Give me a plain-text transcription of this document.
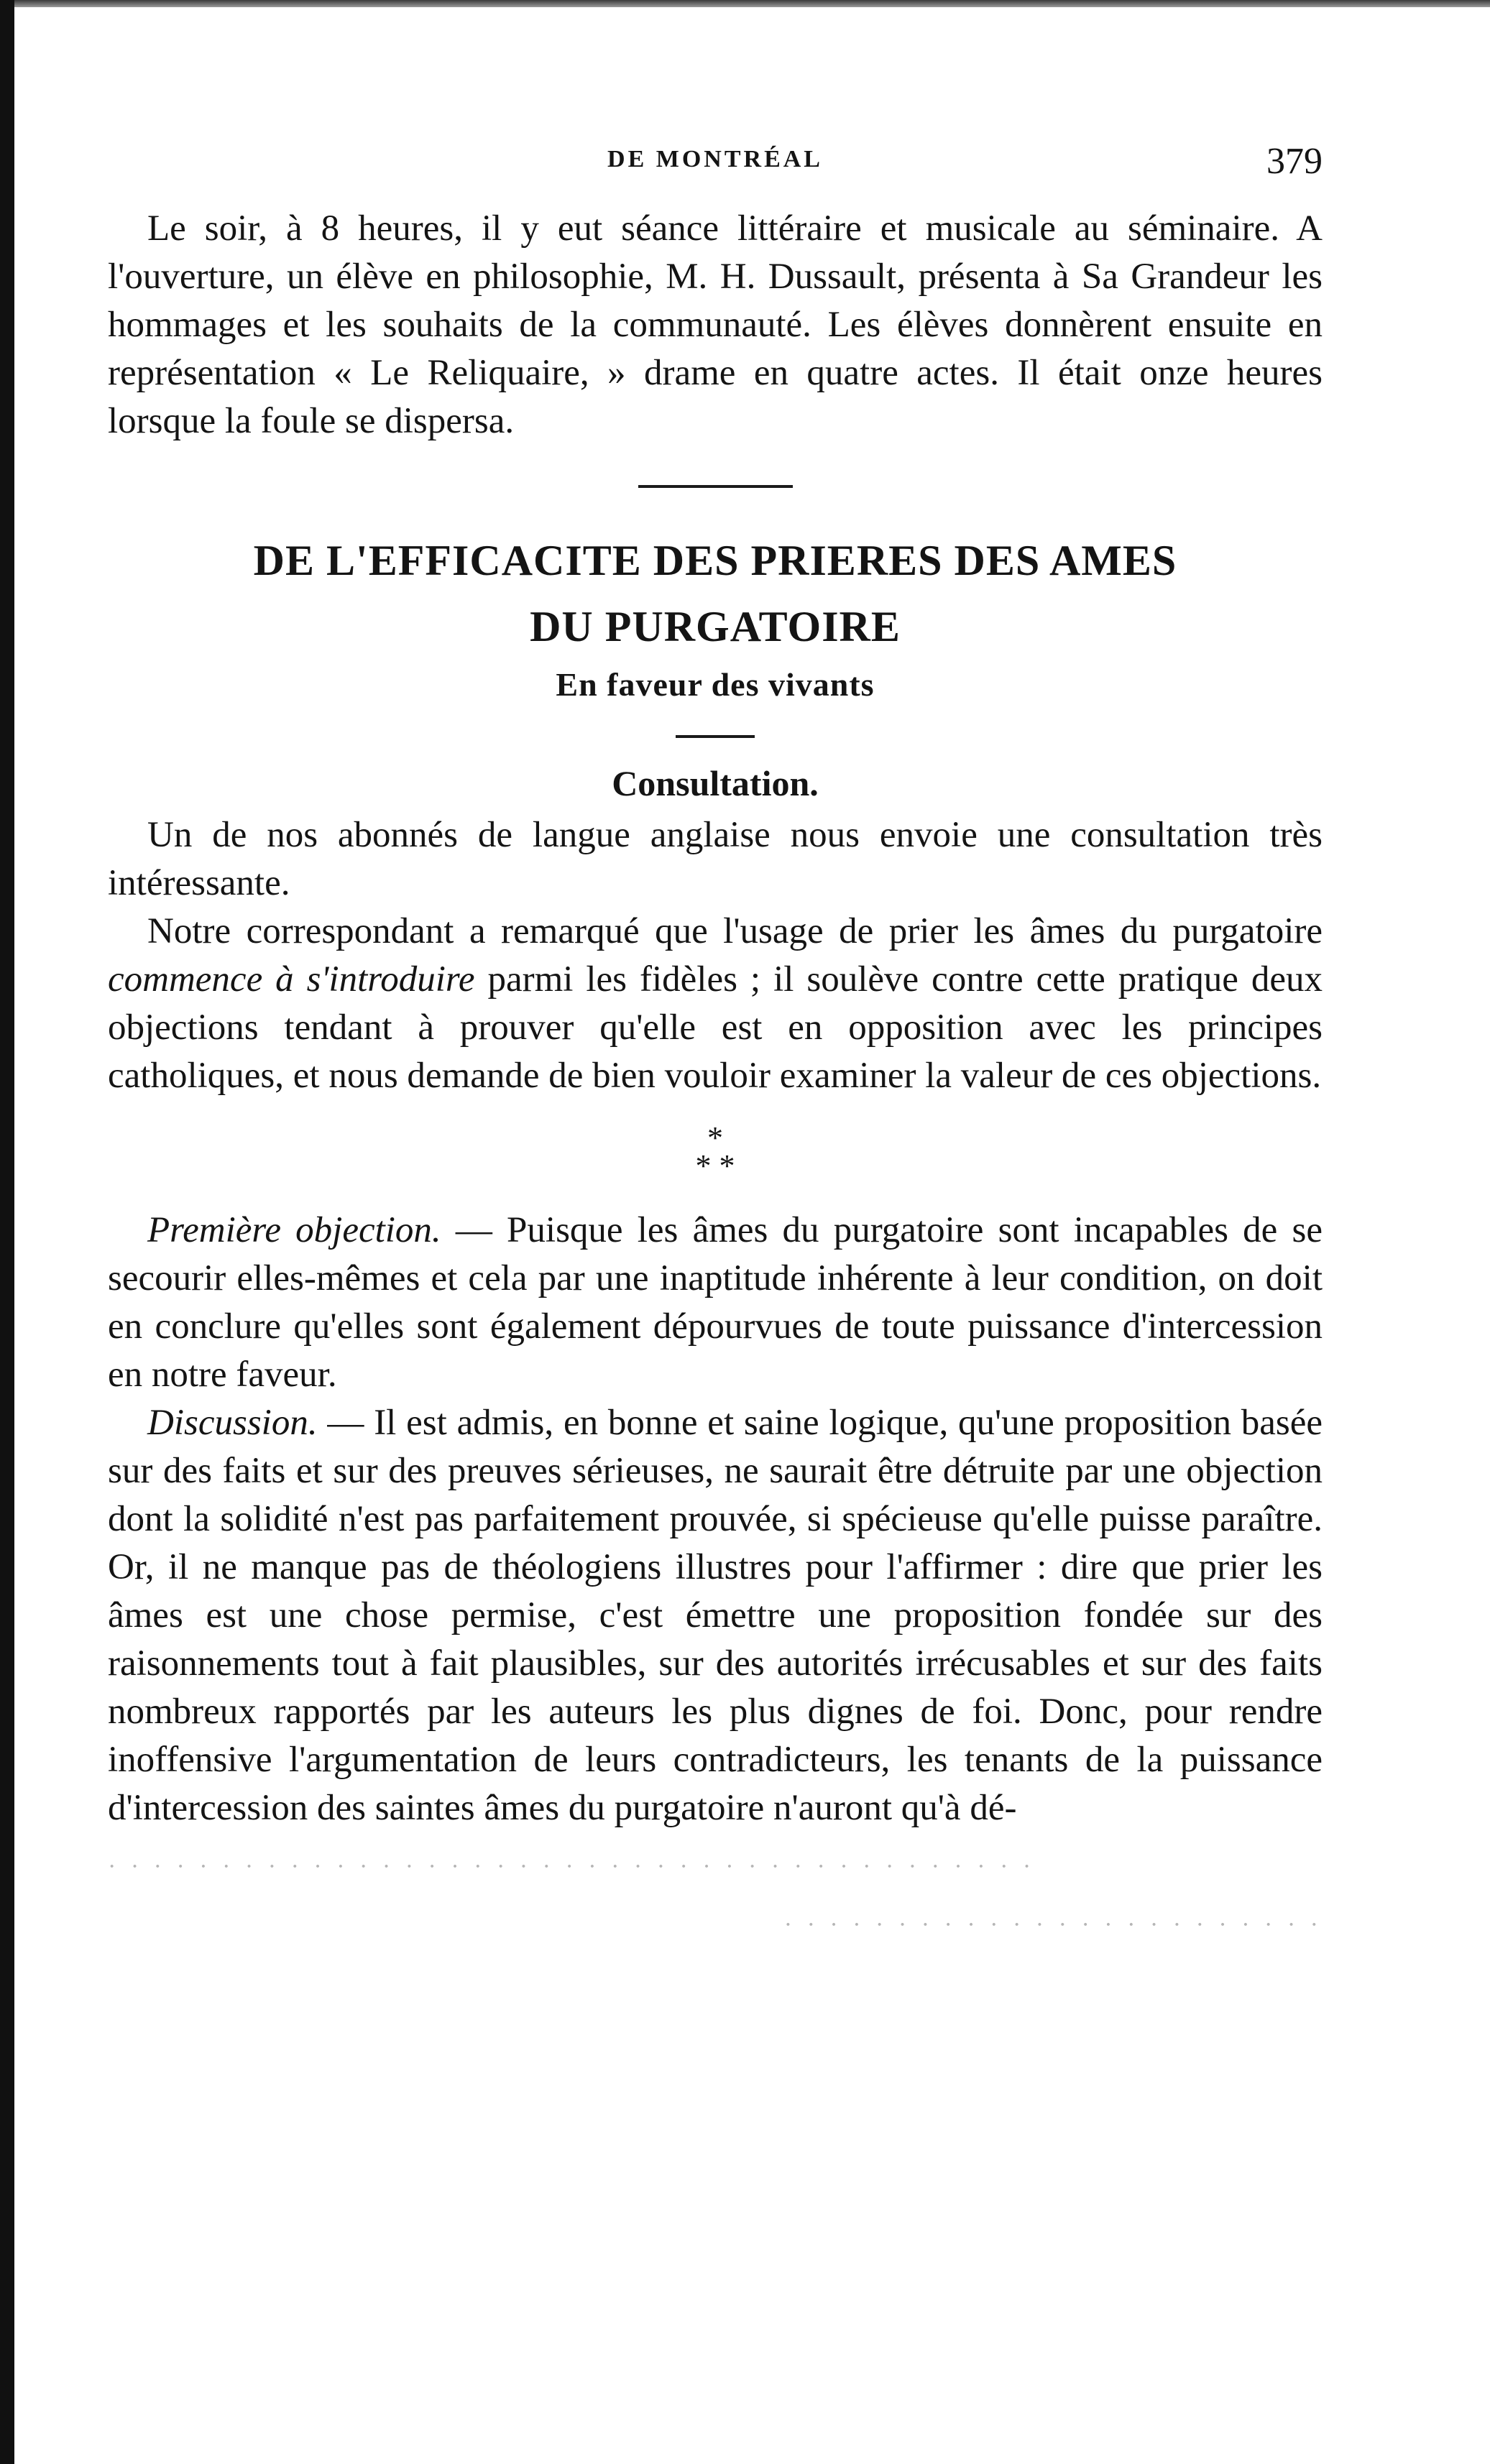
DE MONTRÉAL	379

Le soir, à 8 heures, il y eut séance littéraire et musicale au séminaire. A l'ouverture, un élève en philosophie, M. H. Dussault, présenta à Sa Grandeur les hommages et les souhaits de la communauté. Les élèves donnèrent ensuite en représentation « Le Reliquaire, » drame en quatre actes. Il était onze heures lorsque la foule se dispersa.

DE L'EFFICACITE DES PRIERES DES AMES
DU PURGATOIRE
En faveur des vivants
Consultation.

Un de nos abonnés de langue anglaise nous envoie une consultation très intéressante.

Notre correspondant a remarqué que l'usage de prier les âmes du purgatoire commence à s'introduire parmi les fidèles ; il soulève contre cette pratique deux objections tendant à prouver qu'elle est en opposition avec les principes catholiques, et nous demande de bien vouloir examiner la valeur de ces objections.

*
* *

Première objection. — Puisque les âmes du purgatoire sont incapables de se secourir elles-mêmes et cela par une inaptitude inhérente à leur condition, on doit en conclure qu'elles sont également dépourvues de toute puissance d'intercession en notre faveur.

Discussion. — Il est admis, en bonne et saine logique, qu'une proposition basée sur des faits et sur des preuves sérieuses, ne saurait être détruite par une objection dont la solidité n'est pas parfaitement prouvée, si spécieuse qu'elle puisse paraître. Or, il ne manque pas de théologiens illustres pour l'affirmer : dire que prier les âmes est une chose permise, c'est émettre une proposition fondée sur des raisonnements tout à fait plausibles, sur des autorités irrécusables et sur des faits nombreux rapportés par les auteurs les plus dignes de foi. Donc, pour rendre inoffensive l'argumentation de leurs contradicteurs, les tenants de la puissance d'intercession des saintes âmes du purgatoire n'auront qu'à dé-

· · · · · · · · · · · · · · · · · · · · · · · · · · · · · · · · · · · · · · · · ·
· · · · · · · · · · · · · · · · · · · · · · · ·
